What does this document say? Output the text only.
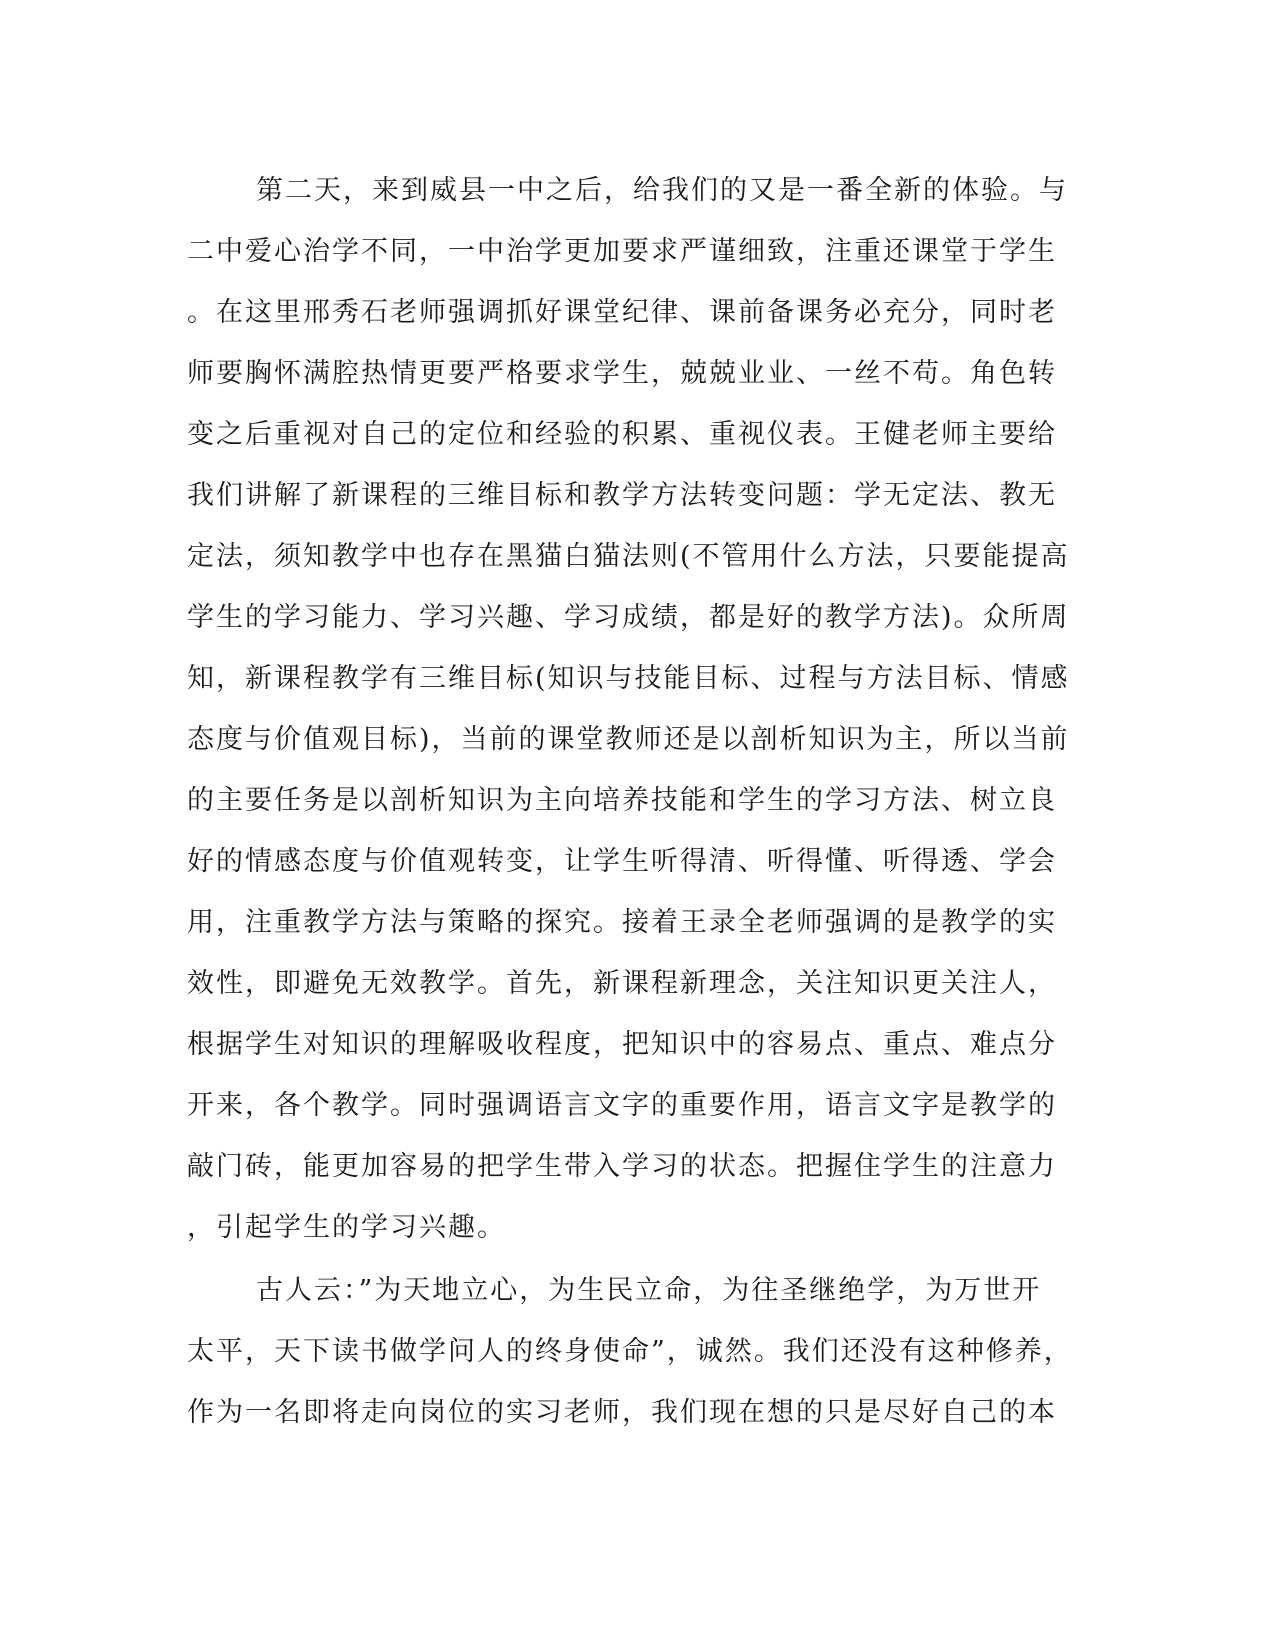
第二天，来到威县一中之后，给我们的又是一番全新的体验。与
二中爱心治学不同，一中治学更加要求严谨细致，注重还课堂于学生
。在这里邢秀石老师强调抓好课堂纪律、课前备课务必充分，同时老
师要胸怀满腔热情更要严格要求学生，兢兢业业、一丝不苟。角色转
变之后重视对自己的定位和经验的积累、重视仪表。王健老师主要给
我们讲解了新课程的三维目标和教学方法转变问题：学无定法、教无
定法，须知教学中也存在黑猫白猫法则(不管用什么方法，只要能提高
学生的学习能力、学习兴趣、学习成绩，都是好的教学方法)。众所周
知，新课程教学有三维目标(知识与技能目标、过程与方法目标、情感
态度与价值观目标)，当前的课堂教师还是以剖析知识为主，所以当前
的主要任务是以剖析知识为主向培养技能和学生的学习方法、树立良
好的情感态度与价值观转变，让学生听得清、听得懂、听得透、学会
用，注重教学方法与策略的探究。接着王录全老师强调的是教学的实
效性，即避免无效教学。首先，新课程新理念，关注知识更关注人，
根据学生对知识的理解吸收程度，把知识中的容易点、重点、难点分
开来，各个教学。同时强调语言文字的重要作用，语言文字是教学的
敲门砖，能更加容易的把学生带入学习的状态。把握住学生的注意力
，引起学生的学习兴趣。
古人云：”为天地立心，为生民立命，为往圣继绝学，为万世开
太平，天下读书做学问人的终身使命”，诚然。我们还没有这种修养，
作为一名即将走向岗位的实习老师，我们现在想的只是尽好自己的本
